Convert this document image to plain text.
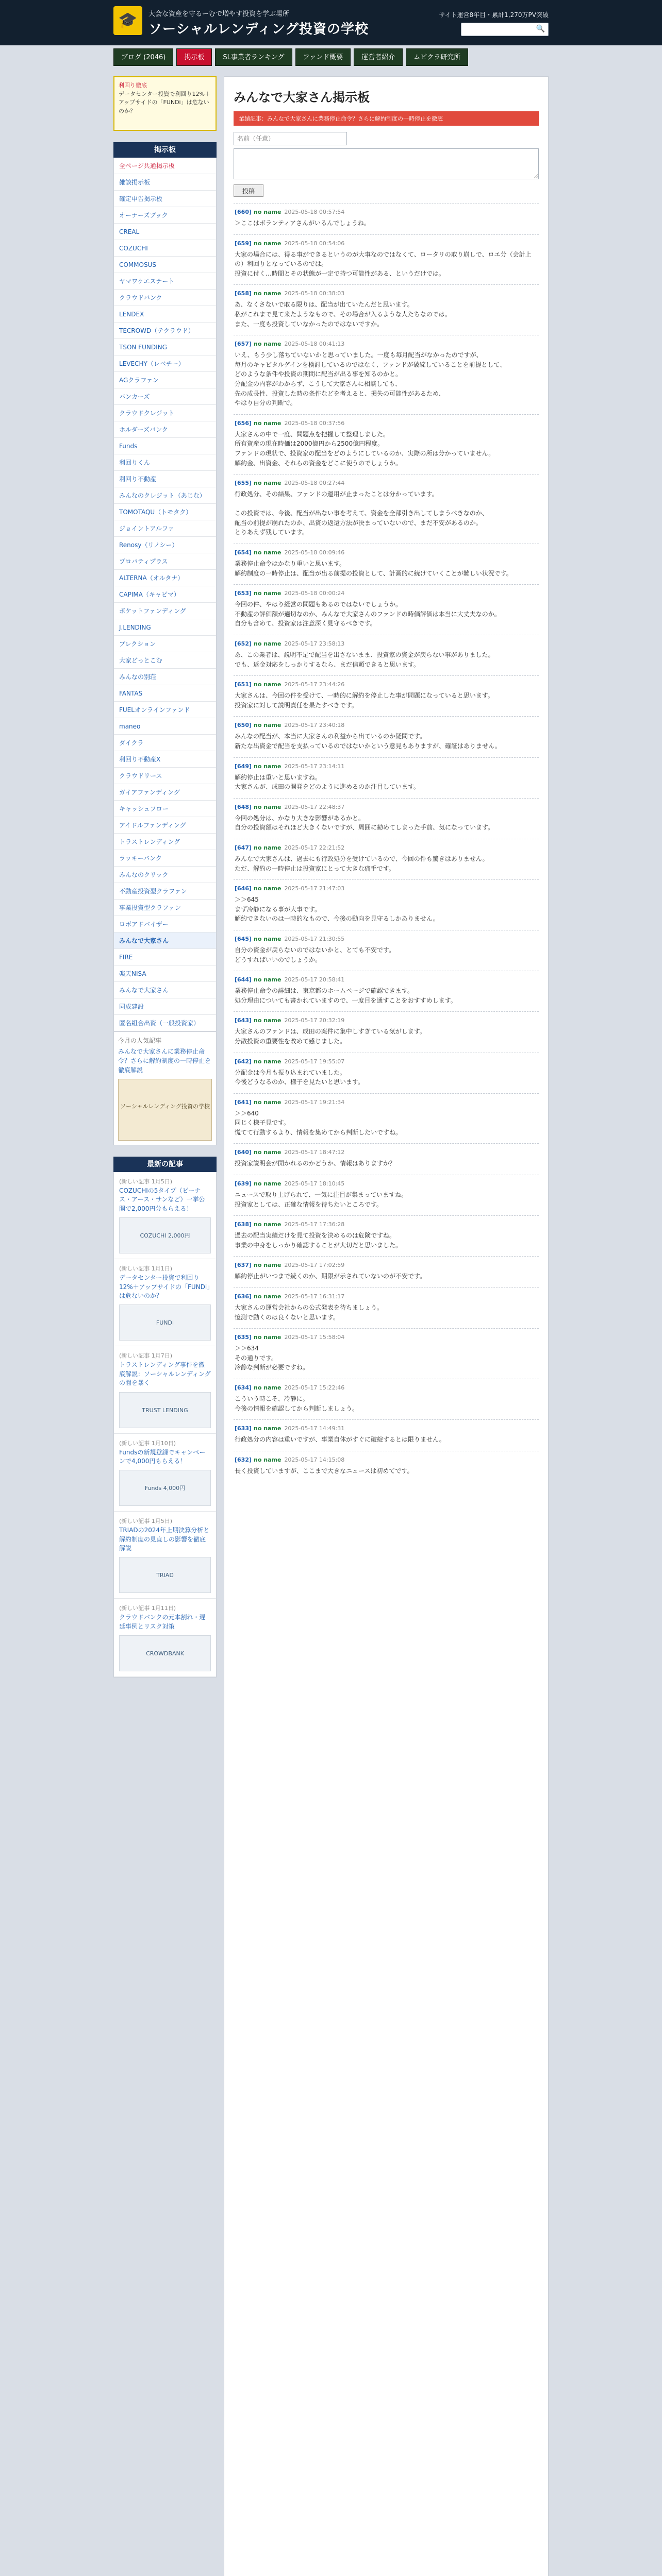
🎓	大会な資産を守るーむで増やす投資を学ぶ場所
ソーシャルレンディング投資の学校
サイト運営8年目・累計1,270万PV突破
🔍
ブログ (2046)	掲示板	SL事業者ランキング	ファンド概要	運営者紹介	ムビクラ研究所
利回り徹底
データセンター投資で利回り12%＋アップサイドの「FUNDi」は危ないのか？
掲示板
全ページ共通掲示板
雑談掲示板
確定申告掲示板
オーナーズブック
CREAL
COZUCHI
COMMOSUS
ヤマワケエステート
クラウドバンク
LENDEX
TECROWD（テクラウド）
TSON FUNDING
LEVECHY（レベチー）
AGクラファン
バンカーズ
クラウドクレジット
ホルダーズバンク
Funds
利回りくん
利回り不動産
みんなのクレジット（あじな）
TOMOTAQU（トモタク）
ジョイントアルファ
Renosy（リノシー）
プロパティプラス
ALTERNA（オルタナ）
CAPIMA（キャピマ）
ボケットファンディング
J.LENDING
ブレクション
大家どっとこむ
みんなの別荘
FANTAS
FUELオンラインファンド
maneo
ダイクラ
利回り不動産X
クラウドリース
ガイアファンディング
キャッシュフロー
アイドルファンディング
トラストレンディング
ラッキーバンク
みんなのクリック
不動産投資型クラファン
事業投資型クラファン
ロボアドバイザー
みんなで大家さん
FIRE
楽天NISA
みんなで大家さん
同成建設
匿名組合出資（一般投資家）
今月の人気記事
みんなで大家さんに業務停止命令？さらに解約制度の一時停止を徹底解説
ソーシャルレンディング投資の学校
最新の記事
(新しい記事 1月5日)
COZUCHIの5タイプ（ビーナス・アース・サンなど）一挙公開で2,000円分もらえる！
COZUCHI 2,000円
(新しい記事 1月1日)
データセンター投資で利回り12%＋アップサイドの「FUNDi」は危ないのか？
FUNDi
(新しい記事 1月7日)
トラストレンディング事件を徹底解説：ソーシャルレンディングの闇を暴く
TRUST LENDING
(新しい記事 1月10日)
Fundsの新規登録でキャンペーンで4,000円もらえる！
Funds 4,000円
(新しい記事 1月5日)
TRIADの2024年上期決算分析と解約制度の見直しの影響を徹底解説
TRIAD
(新しい記事 1月11日)
クラウドバンクの元本割れ・遅延事例とリスク対策
CROWDBANK
みんなで大家さん掲示板
業績記事：みんなで大家さんに業務停止命令？さらに解約制度の一時停止を徹底
名前（任意）
投稿
[660] no name 2025-05-18 00:57:54
＞ここはボランティアさんがいるんでしょうね。
[659] no name 2025-05-18 00:54:06
大家の場合には、得る事ができるというのが大事なのではなくて、ロータリの取り崩しで、ロエ分（会計上の）利回りとなっているのでは。
投資に付く…時間とその状態が一定で持つ可能性がある、というだけでは。
[658] no name 2025-05-18 00:38:03
あ、なくさないで取る限りは、配当が出ていたんだと思います。
私がこれまで見て来たようなもので、その場合が入るような人たちなのでは。
また、一度も投資していなかったのではないですか。
[657] no name 2025-05-18 00:41:13
いえ、もう少し落ちていないかと思っていました。一度も毎月配当がなかったのですが、
毎月のキャピタルゲインを検討しているのではなく、ファンドが破綻していることを前提として、
どのような条件や投資の期間に配当が出る事を知るのかと。
分配金の内容がわからず、こうして大家さんに相談しても、
先の成長性、投資した時の条件などを考えると、損失の可能性があるため、
やはり自分の判断で。
[656] no name 2025-05-18 00:37:56
大家さんの中で一度、問題点を把握して整理しました。
所有資産の現在時価は2000億円から2500億円程度。
ファンドの現状で、投資家の配当をどのようにしているのか、実際の所は分かっていません。
解約金、出資金、それらの資金をどこに使うのでしょうか。
[655] no name 2025-05-18 00:27:44
行政処分、その結果、ファンドの運用が止まったことは分かっています。

この投資では、今後、配当が出ない事を考えて、資金を全部引き出してしまうべきなのか、
配当の前提が崩れたのか、出資の返還方法が決まっていないので、まだ不安があるのか。
とりあえず残しています。
[654] no name 2025-05-18 00:09:46
業務停止命令はかなり重いと思います。
解約制度の一時停止は、配当が出る前提の投資として、計画的に続けていくことが難しい状況です。
[653] no name 2025-05-18 00:00:24
今回の件、やはり経営の問題もあるのではないでしょうか。
不動産の評価額が適切なのか、みんなで大家さんのファンドの時価評価は本当に大丈夫なのか。
自分も含めて、投資家は注意深く見守るべきです。
[652] no name 2025-05-17 23:58:13
あ、この業者は、説明不足で配当を出さないまま、投資家の資金が戻らない事がありました。
でも、返金対応をしっかりするなら、まだ信頼できると思います。
[651] no name 2025-05-17 23:44:26
大家さんは、今回の件を受けて、一時的に解約を停止した事が問題になっていると思います。
投資家に対して説明責任を果たすべきです。
[650] no name 2025-05-17 23:40:18
みんなの配当が、本当に大家さんの利益から出ているのか疑問です。
新たな出資金で配当を支払っているのではないかという意見もありますが、確証はありません。
[649] no name 2025-05-17 23:14:11
解約停止は重いと思いますね。
大家さんが、成田の開発をどのように進めるのか注目しています。
[648] no name 2025-05-17 22:48:37
今回の処分は、かなり大きな影響があるかと。
自分の投資額はそれほど大きくないですが、周囲に勧めてしまった手前、気になっています。
[647] no name 2025-05-17 22:21:52
みんなで大家さんは、過去にも行政処分を受けているので、今回の件も驚きはありません。
ただ、解約の一時停止は投資家にとって大きな痛手です。
[646] no name 2025-05-17 21:47:03
＞＞645
まず冷静になる事が大事です。
解約できないのは一時的なもので、今後の動向を見守るしかありません。
[645] no name 2025-05-17 21:30:55
自分の資金が戻らないのではないかと、とても不安です。
どうすればいいのでしょうか。
[644] no name 2025-05-17 20:58:41
業務停止命令の詳細は、東京都のホームページで確認できます。
処分理由についても書かれていますので、一度目を通すことをおすすめします。
[643] no name 2025-05-17 20:32:19
大家さんのファンドは、成田の案件に集中しすぎている気がします。
分散投資の重要性を改めて感じました。
[642] no name 2025-05-17 19:55:07
分配金は今月も振り込まれていました。
今後どうなるのか、様子を見たいと思います。
[641] no name 2025-05-17 19:21:34
＞＞640
同じく様子見です。
慌てて行動するより、情報を集めてから判断したいですね。
[640] no name 2025-05-17 18:47:12
投資家説明会が開かれるのかどうか、情報はありますか？
[639] no name 2025-05-17 18:10:45
ニュースで取り上げられて、一気に注目が集まっていますね。
投資家としては、正確な情報を待ちたいところです。
[638] no name 2025-05-17 17:36:28
過去の配当実績だけを見て投資を決めるのは危険ですね。
事業の中身をしっかり確認することが大切だと思いました。
[637] no name 2025-05-17 17:02:59
解約停止がいつまで続くのか、期限が示されていないのが不安です。
[636] no name 2025-05-17 16:31:17
大家さんの運営会社からの公式発表を待ちましょう。
憶測で動くのは良くないと思います。
[635] no name 2025-05-17 15:58:04
＞＞634
その通りです。
冷静な判断が必要ですね。
[634] no name 2025-05-17 15:22:46
こういう時こそ、冷静に。
今後の情報を確認してから判断しましょう。
[633] no name 2025-05-17 14:49:31
行政処分の内容は重いですが、事業自体がすぐに破綻するとは限りません。
[632] no name 2025-05-17 14:15:08
長く投資していますが、ここまで大きなニュースは初めてです。
